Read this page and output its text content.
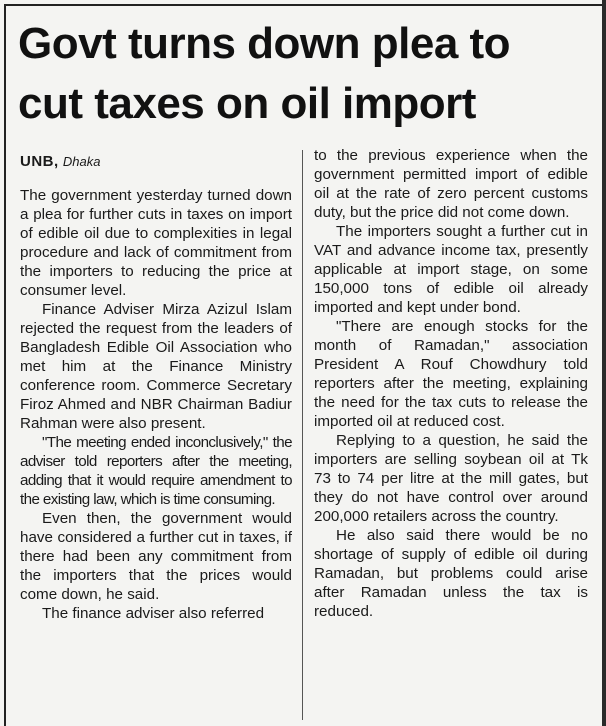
Govt turns down plea to
cut taxes on oil import
UNB, Dhaka

The government yesterday turned down a plea for further cuts in taxes on import of edible oil due to complexities in legal procedure and lack of commitment from the importers to reducing the price at consumer level.

Finance Adviser Mirza Azizul Islam rejected the request from the leaders of Bangladesh Edible Oil Association who met him at the Finance Ministry conference room. Commerce Secretary Firoz Ahmed and NBR Chairman Badiur Rahman were also present.

"The meeting ended inconclusively," the adviser told reporters after the meeting, adding that it would require amendment to the existing law, which is time consuming.

Even then, the government would have considered a further cut in taxes, if there had been any commitment from the importers that the prices would come down, he said.

The finance adviser also referred

to the previous experience when the government permitted import of edible oil at the rate of zero percent customs duty, but the price did not come down.

The importers sought a further cut in VAT and advance income tax, presently applicable at import stage, on some 150,000 tons of edible oil already imported and kept under bond.

"There are enough stocks for the month of Ramadan," association President A Rouf Chowdhury told reporters after the meeting, explaining the need for the tax cuts to release the imported oil at reduced cost.

Replying to a question, he said the importers are selling soybean oil at Tk 73 to 74 per litre at the mill gates, but they do not have control over around 200,000 retailers across the country.

He also said there would be no shortage of supply of edible oil during Ramadan, but problems could arise after Ramadan unless the tax is reduced.
